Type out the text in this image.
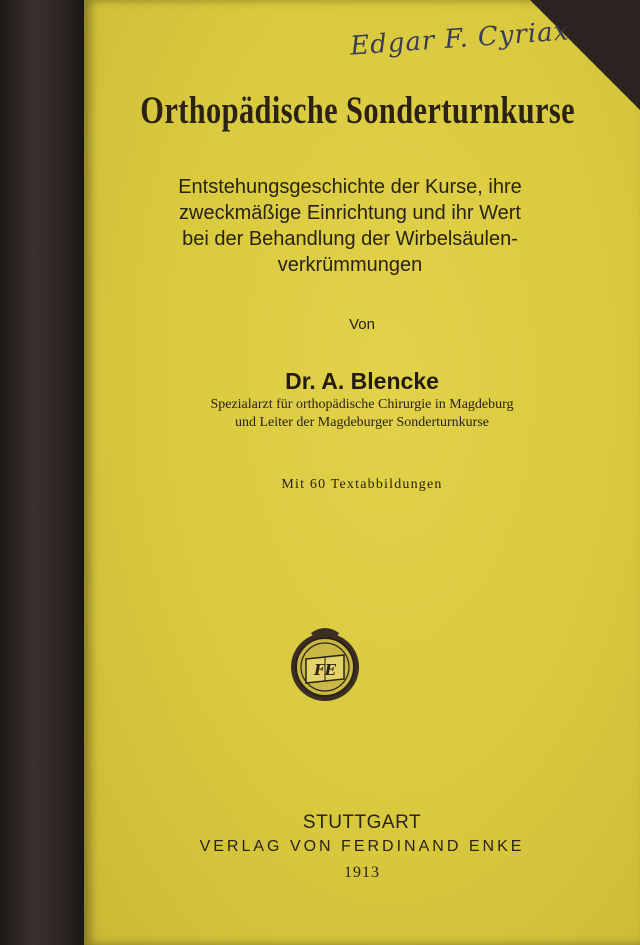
Edgar F. Cyriax
Orthopädische Sonderturnkurse
Entstehungsgeschichte der Kurse, ihre
zweckmäßige Einrichtung und ihr Wert
bei der Behandlung der Wirbelsäulen-
verkrümmungen
Von
Dr. A. Blencke
Spezialarzt für orthopädische Chirurgie in Magdeburg
und Leiter der Magdeburger Sonderturnkurse
Mit 60 Textabbildungen
FE
STUTTGART
VERLAG VON FERDINAND ENKE
1913
